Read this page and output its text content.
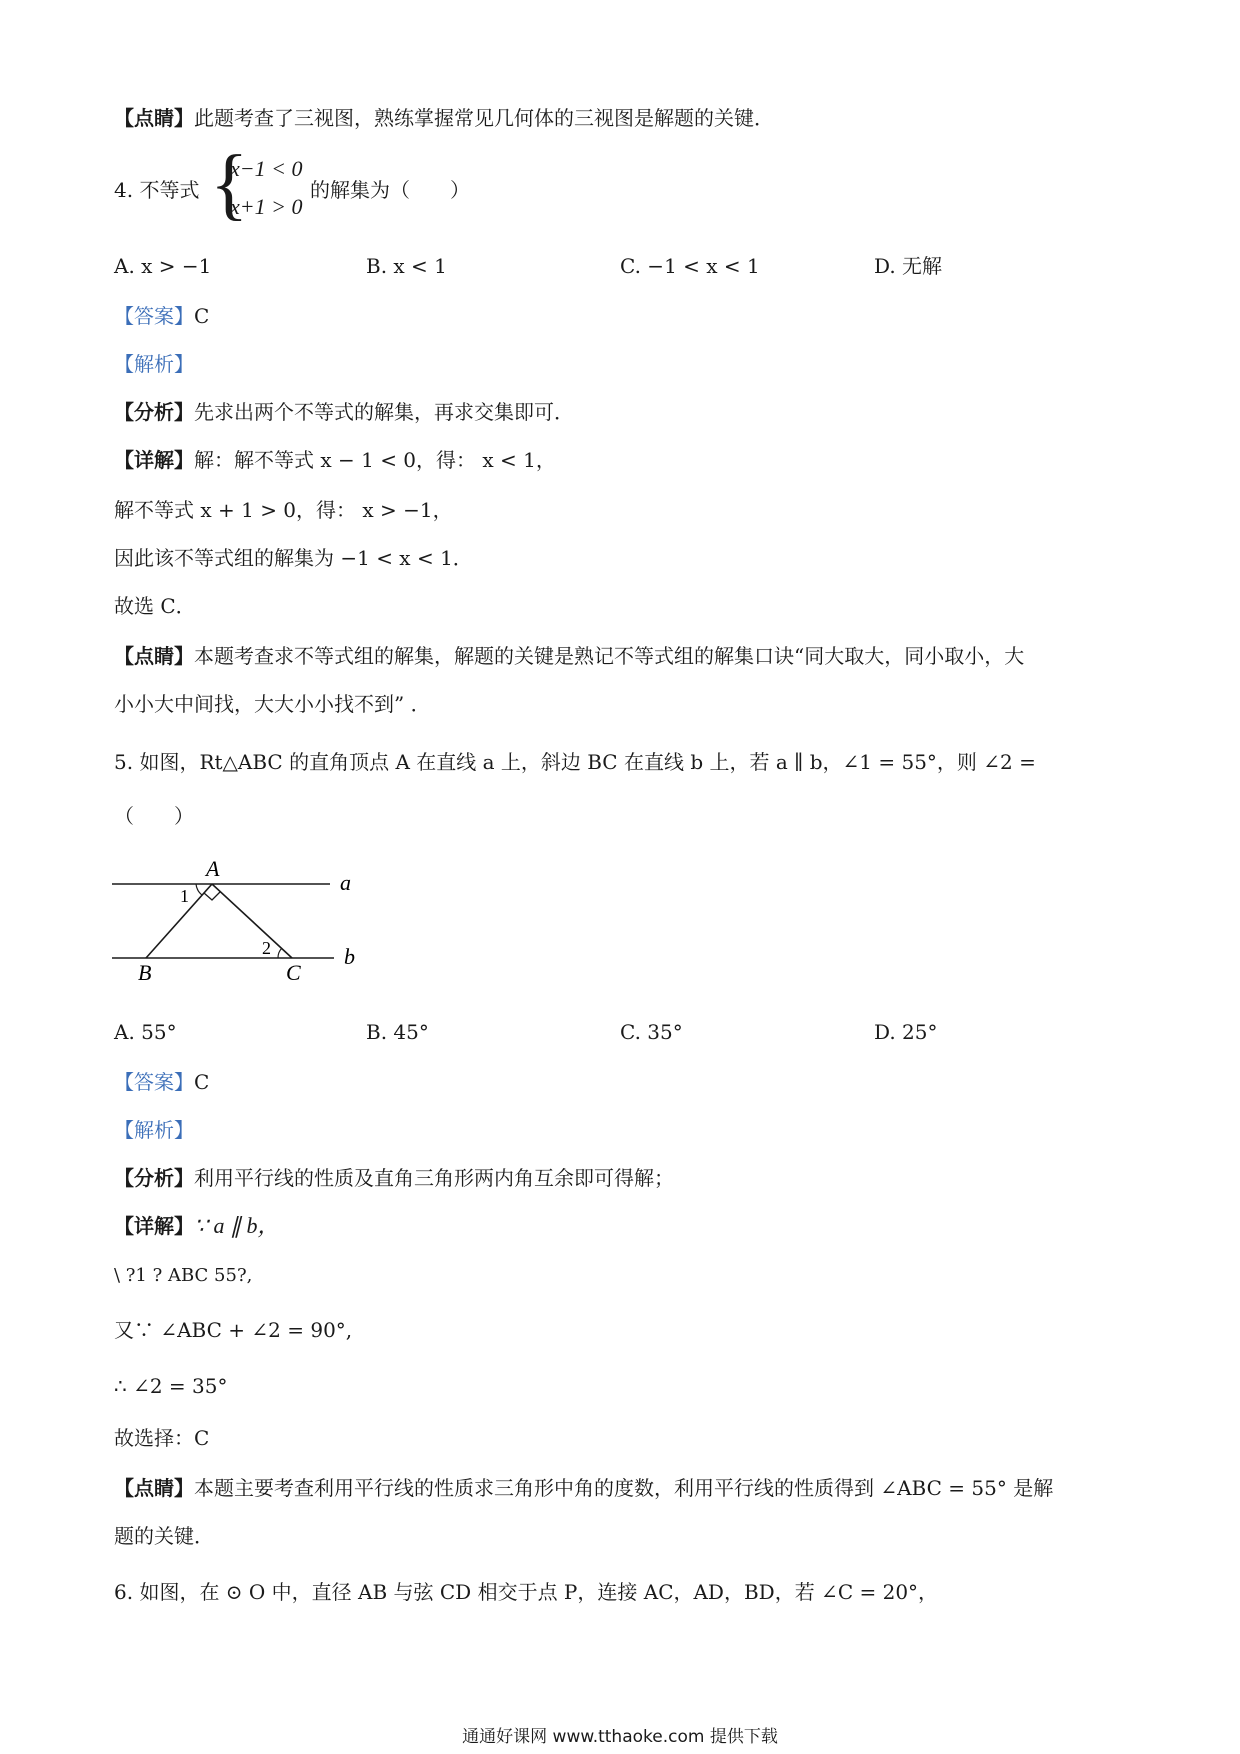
【点睛】此题考查了三视图，熟练掌握常见几何体的三视图是解题的关键．
4. 不等式 {
x−1 < 0
x+1 > 0
的解集为（　　）
A. x > −1	B. x < 1	C. −1 < x < 1	D. 无解
【答案】C
【解析】
【分析】先求出两个不等式的解集，再求交集即可．
【详解】解：解不等式 x − 1 < 0，得： x < 1，
解不等式 x + 1 > 0，得： x > −1，
因此该不等式组的解集为 −1 < x < 1．
故选 C．
【点睛】本题考查求不等式组的解集，解题的关键是熟记不等式组的解集口诀“同大取大，同小取小，大
小小大中间找，大大小小找不到” ．
5. 如图，Rt△ABC 的直角顶点 A 在直线 a 上，斜边 BC 在直线 b 上，若 a ∥ b，∠1 = 55°，则 ∠2 =
（　　）
A
B	C
a
b
1
2
A. 55°	B. 45°	C. 35°	D. 25°
【答案】C
【解析】
【分析】利用平行线的性质及直角三角形两内角互余即可得解；
【详解】∵ a ∥ b，
\ ?1 ? ABC 55?,
又∵ ∠ABC + ∠2 = 90°,
∴ ∠2 = 35°
故选择：C
【点睛】本题主要考查利用平行线的性质求三角形中角的度数，利用平行线的性质得到 ∠ABC = 55° 是解
题的关键．
6. 如图，在 ⊙ O 中，直径 AB 与弦 CD 相交于点 P，连接 AC，AD，BD，若 ∠C = 20°，
通通好课网 www.tthaoke.com 提供下载
